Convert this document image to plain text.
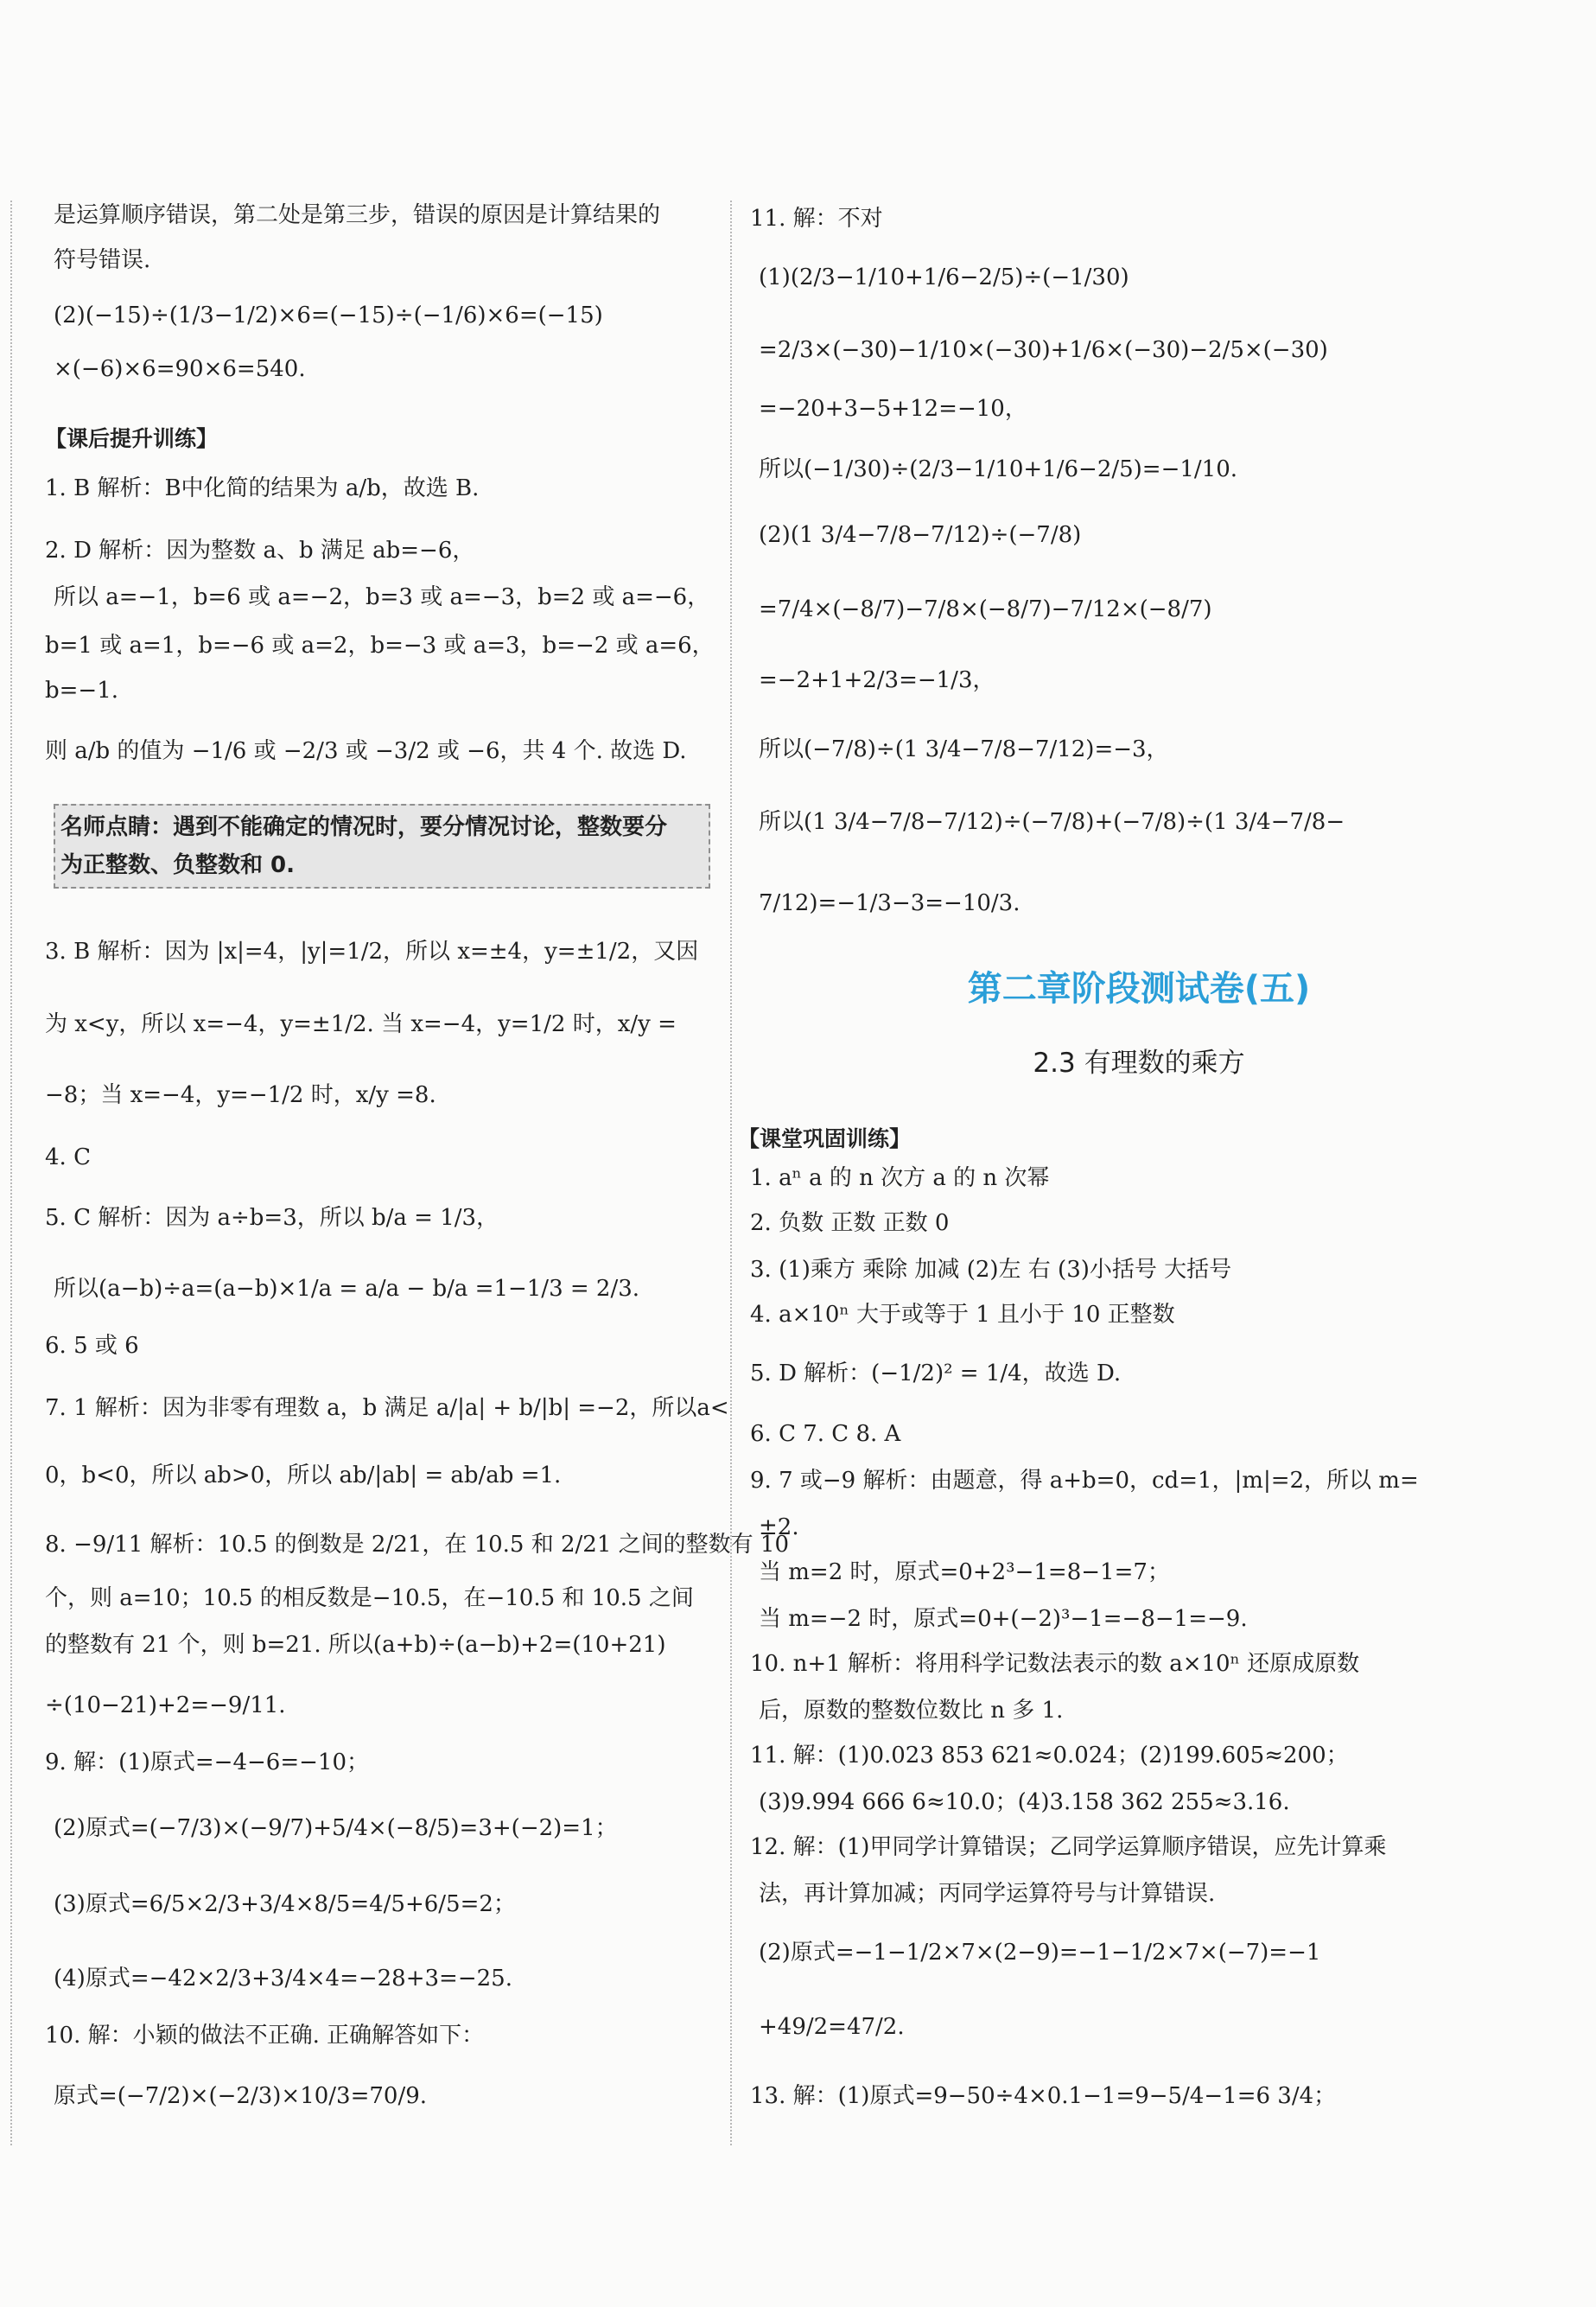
是运算顺序错误，第二处是第三步，错误的原因是计算结果的
符号错误.
(2)(−15)÷(1/3−1/2)×6=(−15)÷(−1/6)×6=(−15)
×(−6)×6=90×6=540.
【课后提升训练】
1. B 解析：B中化简的结果为 a/b，故选 B.
2. D 解析：因为整数 a、b 满足 ab=−6，
所以 a=−1，b=6 或 a=−2，b=3 或 a=−3，b=2 或 a=−6，
b=1 或 a=1，b=−6 或 a=2，b=−3 或 a=3，b=−2 或 a=6，
b=−1.
则 a/b 的值为 −1/6 或 −2/3 或 −3/2 或 −6，共 4 个. 故选 D.
名师点睛：遇到不能确定的情况时，要分情况讨论，整数要分
为正整数、负整数和 0.
3. B 解析：因为 |x|=4，|y|=1/2，所以 x=±4，y=±1/2，又因
为 x<y，所以 x=−4，y=±1/2. 当 x=−4，y=1/2 时，x/y =
−8；当 x=−4，y=−1/2 时，x/y =8.
4. C
5. C 解析：因为 a÷b=3，所以 b/a = 1/3，
所以(a−b)÷a=(a−b)×1/a = a/a − b/a =1−1/3 = 2/3.
6. 5 或 6
7. 1 解析：因为非零有理数 a，b 满足 a/|a| + b/|b| =−2，所以a<
0，b<0，所以 ab>0，所以 ab/|ab| = ab/ab =1.
8. −9/11 解析：10.5 的倒数是 2/21，在 10.5 和 2/21 之间的整数有 10
个，则 a=10；10.5 的相反数是−10.5，在−10.5 和 10.5 之间
的整数有 21 个，则 b=21. 所以(a+b)÷(a−b)+2=(10+21)
÷(10−21)+2=−9/11.
9. 解：(1)原式=−4−6=−10；
(2)原式=(−7/3)×(−9/7)+5/4×(−8/5)=3+(−2)=1；
(3)原式=6/5×2/3+3/4×8/5=4/5+6/5=2；
(4)原式=−42×2/3+3/4×4=−28+3=−25.
10. 解：小颖的做法不正确. 正确解答如下：
原式=(−7/2)×(−2/3)×10/3=70/9.
11. 解：不对
(1)(2/3−1/10+1/6−2/5)÷(−1/30)
=2/3×(−30)−1/10×(−30)+1/6×(−30)−2/5×(−30)
=−20+3−5+12=−10，
所以(−1/30)÷(2/3−1/10+1/6−2/5)=−1/10.
(2)(1 3/4−7/8−7/12)÷(−7/8)
=7/4×(−8/7)−7/8×(−8/7)−7/12×(−8/7)
=−2+1+2/3=−1/3，
所以(−7/8)÷(1 3/4−7/8−7/12)=−3，
所以(1 3/4−7/8−7/12)÷(−7/8)+(−7/8)÷(1 3/4−7/8−
7/12)=−1/3−3=−10/3.
第二章阶段测试卷(五)
2.3 有理数的乘方
【课堂巩固训练】
1. aⁿ a 的 n 次方 a 的 n 次幂
2. 负数 正数 正数 0
3. (1)乘方 乘除 加减 (2)左 右 (3)小括号 大括号
4. a×10ⁿ 大于或等于 1 且小于 10 正整数
5. D 解析：(−1/2)² = 1/4，故选 D.
6. C 7. C 8. A
9. 7 或−9 解析：由题意，得 a+b=0，cd=1，|m|=2，所以 m=
±2.
当 m=2 时，原式=0+2³−1=8−1=7；
当 m=−2 时，原式=0+(−2)³−1=−8−1=−9.
10. n+1 解析：将用科学记数法表示的数 a×10ⁿ 还原成原数
后，原数的整数位数比 n 多 1.
11. 解：(1)0.023 853 621≈0.024；(2)199.605≈200；
(3)9.994 666 6≈10.0；(4)3.158 362 255≈3.16.
12. 解：(1)甲同学计算错误；乙同学运算顺序错误，应先计算乘
法，再计算加减；丙同学运算符号与计算错误.
(2)原式=−1−1/2×7×(2−9)=−1−1/2×7×(−7)=−1
+49/2=47/2.
13. 解：(1)原式=9−50÷4×0.1−1=9−5/4−1=6 3/4；
